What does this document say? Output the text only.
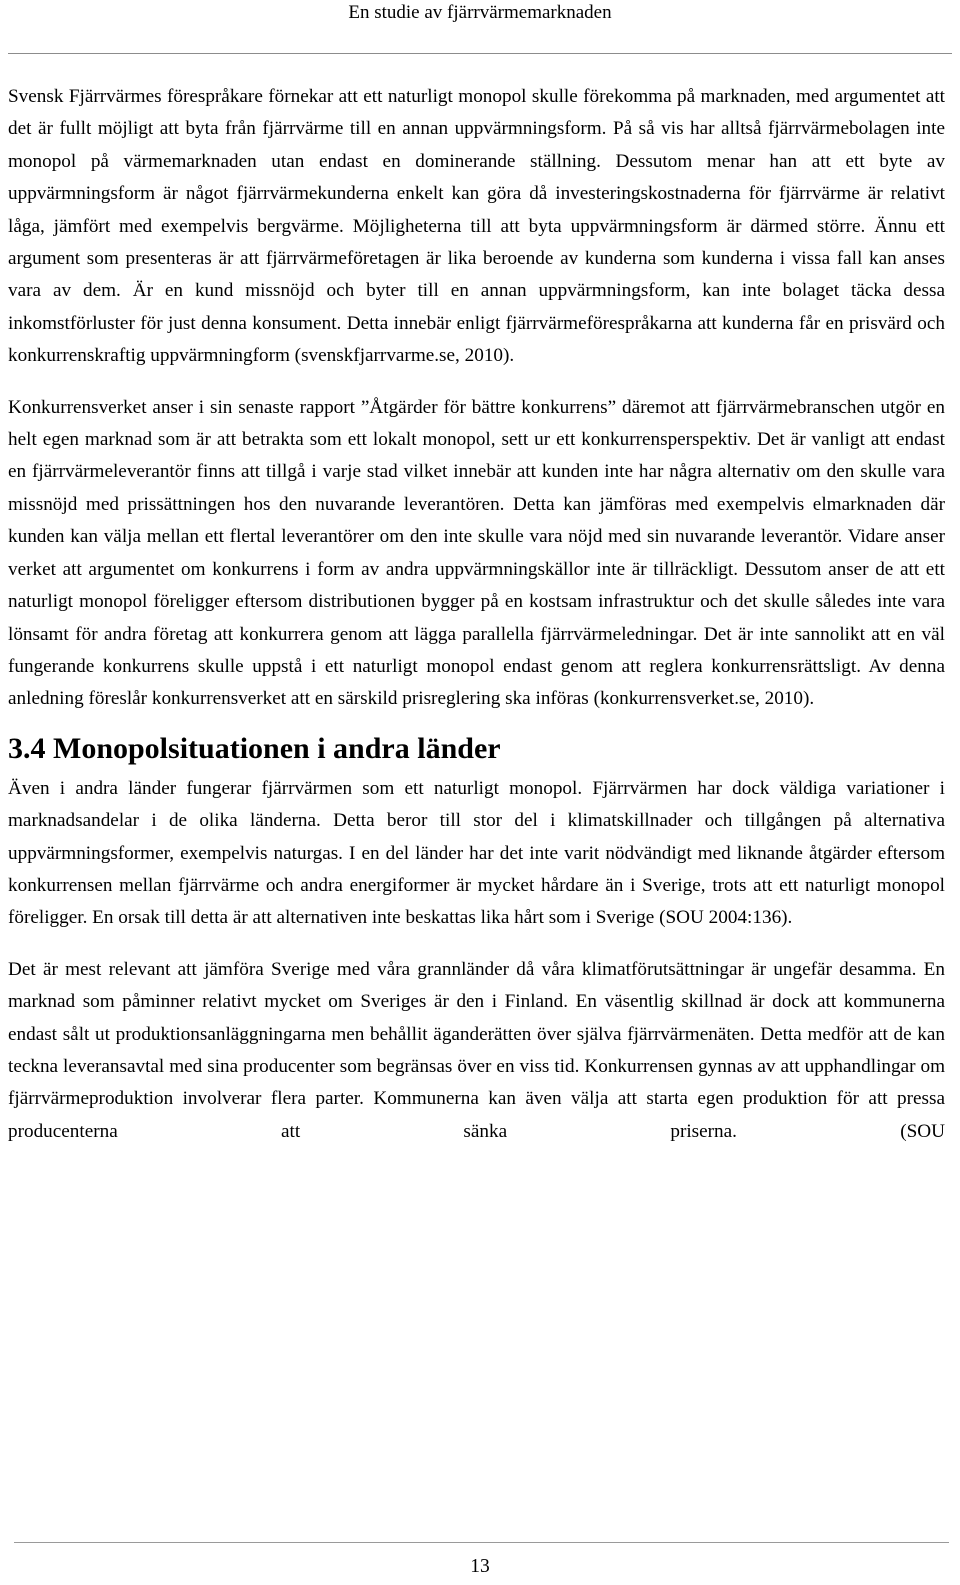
En studie av fjärrvärmemarknaden

Svensk Fjärrvärmes förespråkare förnekar att ett naturligt monopol skulle förekomma på marknaden, med argumentet att det är fullt möjligt att byta från fjärrvärme till en annan uppvärmningsform. På så vis har alltså fjärrvärmebolagen inte monopol på värmemarknaden utan endast en dominerande ställning. Dessutom menar han att ett byte av uppvärmningsform är något fjärrvärmekunderna enkelt kan göra då investeringskostnaderna för fjärrvärme är relativt låga, jämfört med exempelvis bergvärme. Möjligheterna till att byta uppvärmningsform är därmed större. Ännu ett argument som presenteras är att fjärrvärmeföretagen är lika beroende av kunderna som kunderna i vissa fall kan anses vara av dem. Är en kund missnöjd och byter till en annan uppvärmningsform, kan inte bolaget täcka dessa inkomstförluster för just denna konsument. Detta innebär enligt fjärrvärmeförespråkarna att kunderna får en prisvärd och konkurrenskraftig uppvärmningform (svenskfjarrvarme.se, 2010).

Konkurrensverket anser i sin senaste rapport ”Åtgärder för bättre konkurrens” däremot att fjärrvärmebranschen utgör en helt egen marknad som är att betrakta som ett lokalt monopol, sett ur ett konkurrensperspektiv. Det är vanligt att endast en fjärrvärmeleverantör finns att tillgå i varje stad vilket innebär att kunden inte har några alternativ om den skulle vara missnöjd med prissättningen hos den nuvarande leverantören. Detta kan jämföras med exempelvis elmarknaden där kunden kan välja mellan ett flertal leverantörer om den inte skulle vara nöjd med sin nuvarande leverantör. Vidare anser verket att argumentet om konkurrens i form av andra uppvärmningskällor inte är tillräckligt. Dessutom anser de att ett naturligt monopol föreligger eftersom distributionen bygger på en kostsam infrastruktur och det skulle således inte vara lönsamt för andra företag att konkurrera genom att lägga parallella fjärrvärmeledningar. Det är inte sannolikt att en väl fungerande konkurrens skulle uppstå i ett naturligt monopol endast genom att reglera konkurrensrättsligt. Av denna anledning föreslår konkurrensverket att en särskild prisreglering ska införas (konkurrensverket.se, 2010).

3.4 Monopolsituationen i andra länder

Även i andra länder fungerar fjärrvärmen som ett naturligt monopol. Fjärrvärmen har dock väldiga variationer i marknadsandelar i de olika länderna. Detta beror till stor del i klimatskillnader och tillgången på alternativa uppvärmningsformer, exempelvis naturgas. I en del länder har det inte varit nödvändigt med liknande åtgärder eftersom konkurrensen mellan fjärrvärme och andra energiformer är mycket hårdare än i Sverige, trots att ett naturligt monopol föreligger. En orsak till detta är att alternativen inte beskattas lika hårt som i Sverige (SOU 2004:136).

Det är mest relevant att jämföra Sverige med våra grannländer då våra klimatförutsättningar är ungefär desamma. En marknad som påminner relativt mycket om Sveriges är den i Finland. En väsentlig skillnad är dock att kommunerna endast sålt ut produktionsanläggningarna men behållit äganderätten över själva fjärrvärmenäten. Detta medför att de kan teckna leveransavtal med sina producenter som begränsas över en viss tid. Konkurrensen gynnas av att upphandlingar om fjärrvärmeproduktion involverar flera parter. Kommunerna kan även välja att starta egen produktion för att pressa producenterna att sänka priserna. (SOU

13
